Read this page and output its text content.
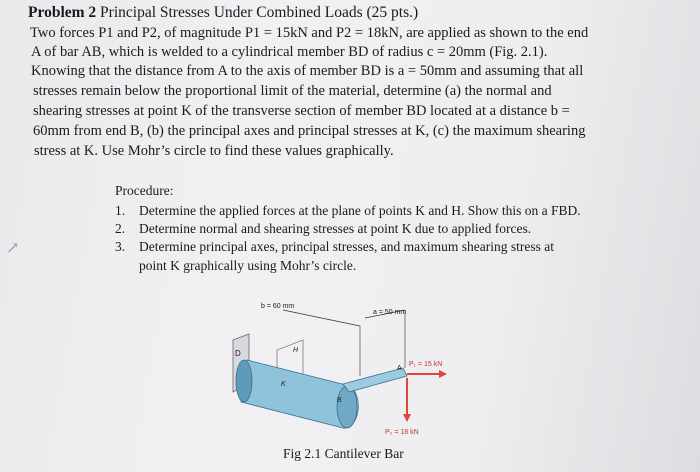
Problem 2 Principal Stresses Under Combined Loads (25 pts.)
Two forces P1 and P2, of magnitude P1 = 15kN and P2 = 18kN, are applied as shown to the end
A of bar AB, which is welded to a cylindrical member BD of radius c = 20mm (Fig. 2.1).
Knowing that the distance from A to the axis of member BD is a = 50mm and assuming that all
stresses remain below the proportional limit of the material, determine (a) the normal and
shearing stresses at point K of the transverse section of member BD located at a distance b =
60mm from end B, (b) the principal axes and principal stresses at K, (c) the maximum shearing
stress at K. Use Mohr’s circle to find these values graphically.
Procedure:
1. Determine the applied forces at the plane of points K and H. Show this on a FBD.
2. Determine normal and shearing stresses at point K due to applied forces.
3. Determine principal axes, principal stresses, and maximum shearing stress at
point K graphically using Mohr’s circle.
↗
b = 60 mm
a = 50 mm
D	H
K
B
A
P₁ = 15 kN
P₂ = 18 kN
Fig 2.1 Cantilever Bar
